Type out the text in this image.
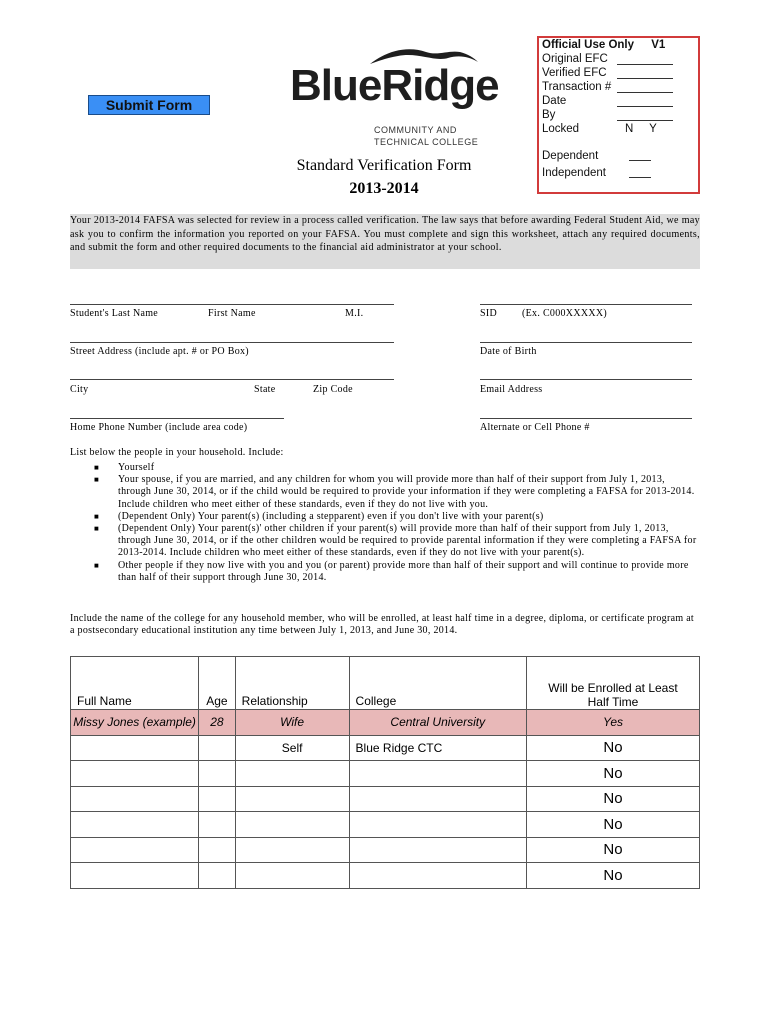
Submit Form	BlueRidge
COMMUNITY AND
TECHNICAL COLLEGE
Official Use Only V1
Original EFC
Verified EFC
Transaction #
Date
By
Locked	N     Y
Dependent
Independent
Standard Verification Form
2013-2014
Your 2013-2014 FAFSA was selected for review in a process called verification. The law says that before awarding Federal Student Aid, we may ask you to confirm the information you reported on your FAFSA. You must complete and sign this worksheet, attach any required documents, and submit the form and other required documents to the financial aid administrator at your school.
Student's Last Name	First Name	M.I.	SID (Ex. C000XXXXX)
Street Address (include apt. # or PO Box)	Date of Birth
City	State	Zip Code	Email Address
Home Phone Number (include area code)	Alternate or Cell Phone #
List below the people in your household. Include:
■ Yourself
■ Your spouse, if you are married, and any children for whom you will provide more than half of their support from July 1, 2013, through June 30, 2014, or if the child would be required to provide your information if they were completing a FAFSA for 2013-2014. Include children who meet either of these standards, even if they do not live with you.
■ (Dependent Only) Your parent(s) (including a stepparent) even if you don't live with your parent(s)
■ (Dependent Only) Your parent(s)' other children if your parent(s) will provide more than half of their support from July 1, 2013, through June 30, 2014, or if the other children would be required to provide parental information if they were completing a FAFSA for 2013-2014. Include children who meet either of these standards, even if they do not live with your parent(s).
■ Other people if they now live with you and you (or parent) provide more than half of their support and will continue to provide more than half of their support through June 30, 2014.
Include the name of the college for any household member, who will be enrolled, at least half time in a degree, diploma, or certificate program at a postsecondary educational institution any time between July 1, 2013, and June 30, 2014.
Full Name	Age	Relationship	College	Will be Enrolled at Least Half Time
Missy Jones (example)	28	Wife	Central University	Yes
		Self	Blue Ridge CTC	No
				No
				No
				No
				No
				No
